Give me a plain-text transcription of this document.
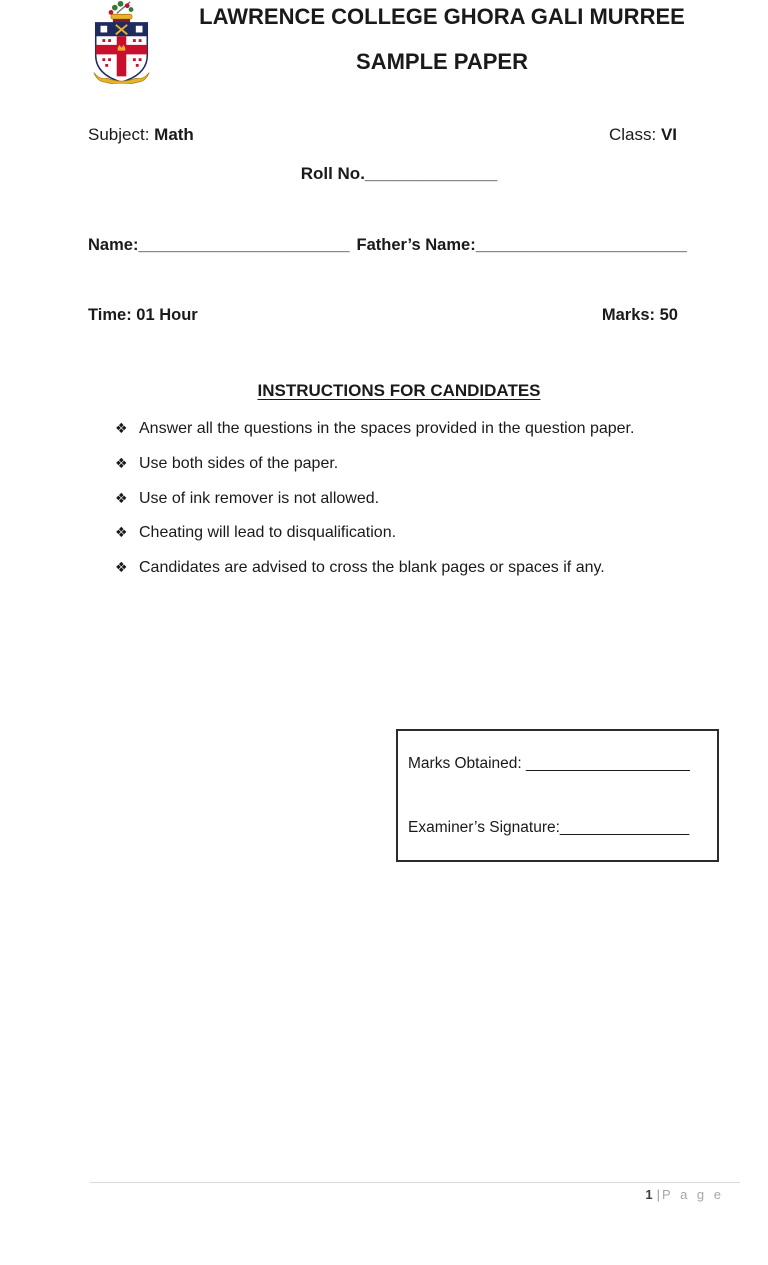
LAWRENCE COLLEGE GHORA GALI MURREE
SAMPLE PAPER
Subject: Math	Class: VI
Roll No.______________
Name:_______________________ Father’s Name:_______________________
Time: 01 Hour	Marks: 50
INSTRUCTIONS FOR CANDIDATES
❖ Answer all the questions in the spaces provided in the question paper.
❖ Use both sides of the paper.
❖ Use of ink remover is not allowed.
❖ Cheating will lead to disqualification.
❖ Candidates are advised to cross the blank pages or spaces if any.
Marks Obtained: ___________________
Examiner’s Signature:_______________
1 | P a g e
